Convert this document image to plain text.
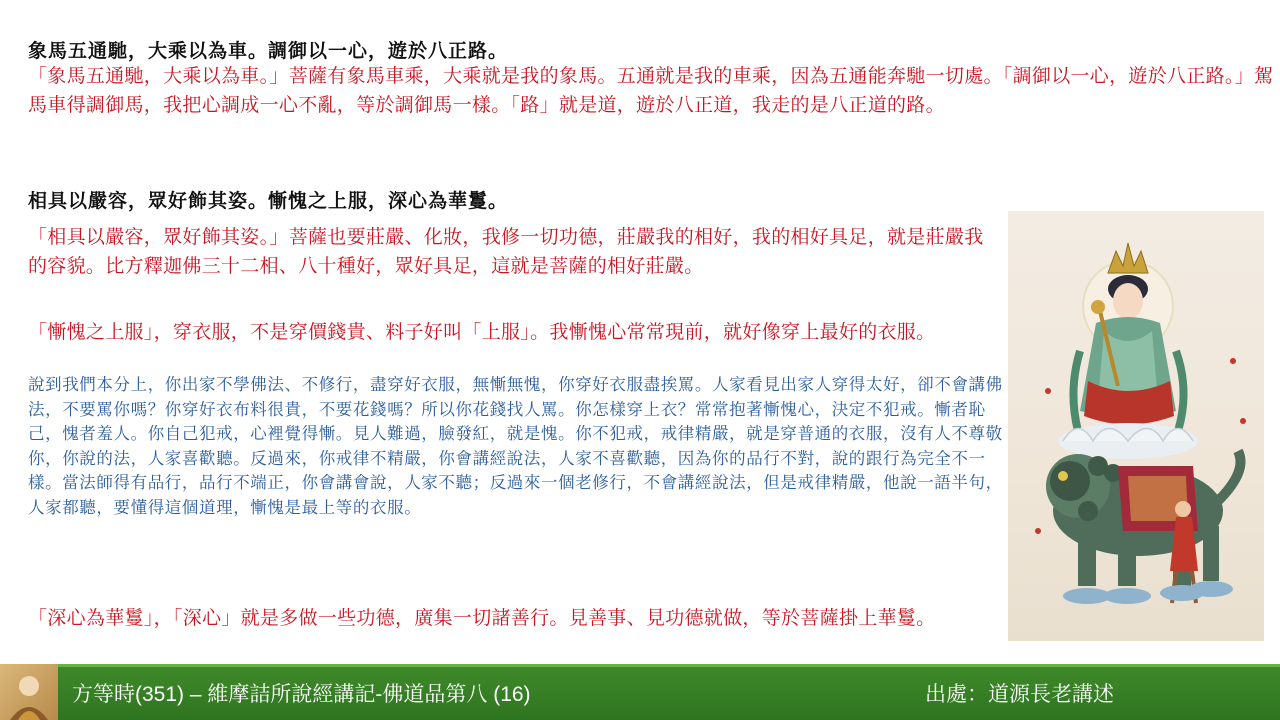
象馬五通馳，大乘以為車。調御以一心，遊於八正路。

「象馬五通馳，大乘以為車。」菩薩有象馬車乘，大乘就是我的象馬。五通就是我的車乘，因為五通能奔馳一切處。「調御以一心，遊於八正路。」駕馬車得調御馬，我把心調成一心不亂，等於調御馬一樣。「路」就是道，遊於八正道，我走的是八正道的路。

相具以嚴容，眾好飾其姿。慚愧之上服，深心為華鬘。

「相具以嚴容，眾好飾其姿。」菩薩也要莊嚴、化妝，我修一切功德，莊嚴我的相好，我的相好具足，就是莊嚴我的容貌。比方釋迦佛三十二相、八十種好，眾好具足，這就是菩薩的相好莊嚴。

「慚愧之上服」，穿衣服，不是穿價錢貴、料子好叫「上服」。我慚愧心常常現前，就好像穿上最好的衣服。

說到我們本分上，你出家不學佛法、不修行，盡穿好衣服，無慚無愧，你穿好衣服盡挨罵。人家看見出家人穿得太好，卻不會講佛法，不要罵你嗎？你穿好衣布料很貴，不要花錢嗎？所以你花錢找人罵。你怎樣穿上衣？常常抱著慚愧心，決定不犯戒。慚者恥己，愧者羞人。你自己犯戒，心裡覺得慚。見人難過，臉發紅，就是愧。你不犯戒，戒律精嚴，就是穿普通的衣服，沒有人不尊敬你，你說的法，人家喜歡聽。反過來，你戒律不精嚴，你會講經說法，人家不喜歡聽，因為你的品行不對，說的跟行為完全不一樣。當法師得有品行，品行不端正，你會講會說，人家不聽；反過來一個老修行，不會講經說法，但是戒律精嚴，他說一語半句，人家都聽，要懂得這個道理，慚愧是最上等的衣服。

「深心為華鬘」，「深心」就是多做一些功德，廣集一切諸善行。見善事、見功德就做，等於菩薩掛上華鬘。

方等時(351) – 維摩詰所說經講記-佛道品第八 (16)	出處：道源長老講述
